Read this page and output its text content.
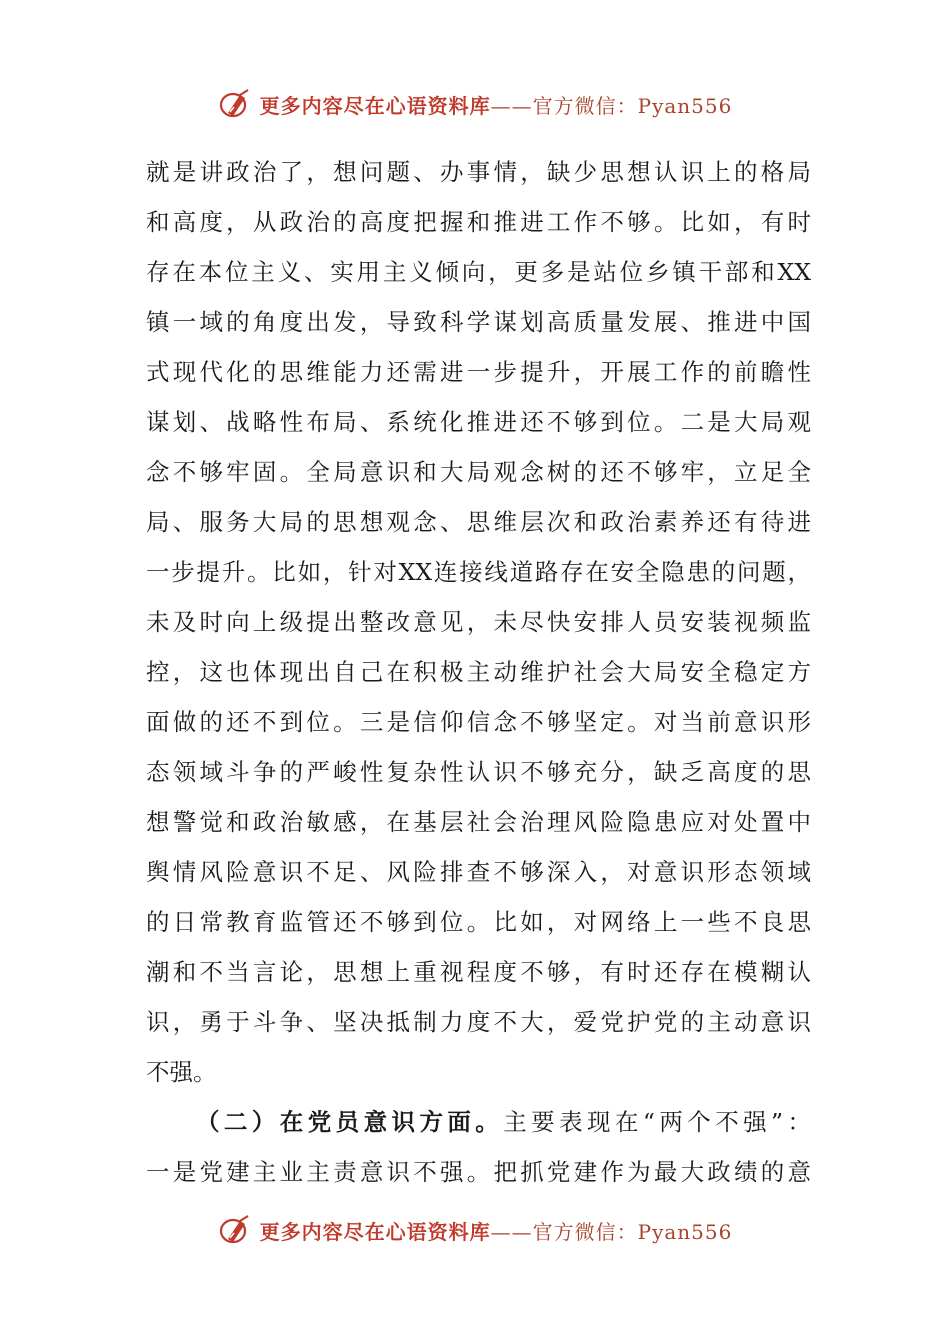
更多内容尽在心语资料库——官方微信：Pyan556
就是讲政治了，想问题、办事情，缺少思想认识上的格局
和高度，从政治的高度把握和推进工作不够。比如，有时
存在本位主义、实用主义倾向，更多是站位乡镇干部和XX
镇一域的角度出发，导致科学谋划高质量发展、推进中国
式现代化的思维能力还需进一步提升，开展工作的前瞻性
谋划、战略性布局、系统化推进还不够到位。二是大局观
念不够牢固。全局意识和大局观念树的还不够牢，立足全
局、服务大局的思想观念、思维层次和政治素养还有待进
一步提升。比如，针对XX连接线道路存在安全隐患的问题，
未及时向上级提出整改意见，未尽快安排人员安装视频监
控，这也体现出自己在积极主动维护社会大局安全稳定方
面做的还不到位。三是信仰信念不够坚定。对当前意识形
态领域斗争的严峻性复杂性认识不够充分，缺乏高度的思
想警觉和政治敏感，在基层社会治理风险隐患应对处置中
舆情风险意识不足、风险排查不够深入，对意识形态领域
的日常教育监管还不够到位。比如，对网络上一些不良思
潮和不当言论，思想上重视程度不够，有时还存在模糊认
识，勇于斗争、坚决抵制力度不大，爱党护党的主动意识
不强。
（二）在党员意识方面。主要表现在“两个不强”：
一是党建主业主责意识不强。把抓党建作为最大政绩的意
更多内容尽在心语资料库——官方微信：Pyan556
